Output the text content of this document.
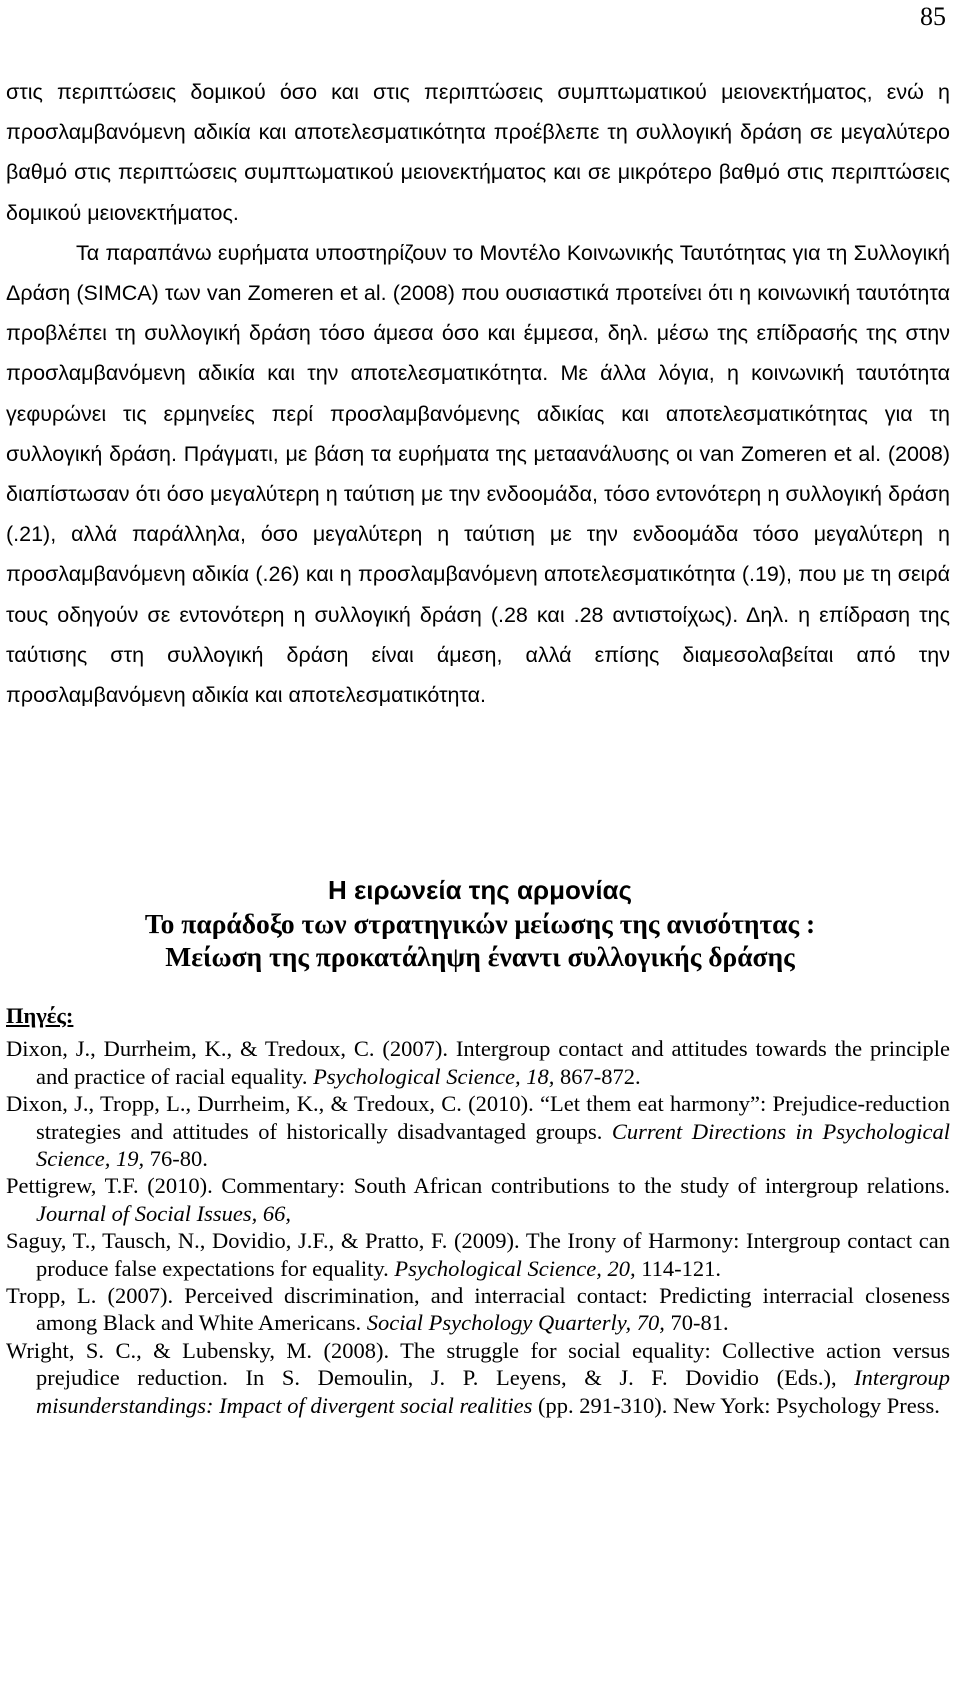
85

στις περιπτώσεις δομικού όσο και στις περιπτώσεις συμπτωματικού μειονεκτήματος, ενώ η προσλαμβανόμενη αδικία και αποτελεσματικότητα προέβλεπε τη συλλογική δράση σε μεγαλύτερο βαθμό στις περιπτώσεις συμπτωματικού μειονεκτήματος και σε μικρότερο βαθμό στις περιπτώσεις δομικού μειονεκτήματος.

Τα παραπάνω ευρήματα υποστηρίζουν το Μοντέλο Κοινωνικής Ταυτότητας για τη Συλλογική Δράση (SIMCA) των van Zomeren et al. (2008) που ουσιαστικά προτείνει ότι η κοινωνική ταυτότητα προβλέπει τη συλλογική δράση τόσο άμεσα όσο και έμμεσα, δηλ. μέσω της επίδρασής της στην προσλαμβανόμενη αδικία και την αποτελεσματικότητα. Με άλλα λόγια, η κοινωνική ταυτότητα γεφυρώνει τις ερμηνείες περί προσλαμβανόμενης αδικίας και αποτελεσματικότητας για τη συλλογική δράση. Πράγματι, με βάση τα ευρήματα της μεταανάλυσης οι van Zomeren et al. (2008) διαπίστωσαν ότι όσο μεγαλύτερη η ταύτιση με την ενδοομάδα, τόσο εντονότερη η συλλογική δράση (.21), αλλά παράλληλα, όσο μεγαλύτερη η ταύτιση με την ενδοομάδα τόσο μεγαλύτερη η προσλαμβανόμενη αδικία (.26) και η προσλαμβανόμενη αποτελεσματικότητα (.19), που με τη σειρά τους οδηγούν σε εντονότερη η συλλογική δράση (.28 και .28 αντιστοίχως). Δηλ. η επίδραση της ταύτισης στη συλλογική δράση είναι άμεση, αλλά επίσης διαμεσολαβείται από την προσλαμβανόμενη αδικία και αποτελεσματικότητα.

Η ειρωνεία της αρμονίας
Το παράδοξο των στρατηγικών μείωσης της ανισότητας :
Μείωση της προκατάληψη έναντι συλλογικής δράσης
Πηγές:

Dixon, J., Durrheim, K., & Tredoux, C. (2007). Intergroup contact and attitudes towards the principle and practice of racial equality. Psychological Science, 18, 867-872.

Dixon, J., Tropp, L., Durrheim, K., & Tredoux, C. (2010). “Let them eat harmony”: Prejudice-reduction strategies and attitudes of historically disadvantaged groups. Current Directions in Psychological Science, 19, 76-80.

Pettigrew, T.F. (2010). Commentary: South African contributions to the study of intergroup relations. Journal of Social Issues, 66,

Saguy, T., Tausch, N., Dovidio, J.F., & Pratto, F. (2009). The Irony of Harmony: Intergroup contact can produce false expectations for equality. Psychological Science, 20, 114-121.

Tropp, L. (2007). Perceived discrimination, and interracial contact: Predicting interracial closeness among Black and White Americans. Social Psychology Quarterly, 70, 70-81.

Wright, S. C., & Lubensky, M. (2008). The struggle for social equality: Collective action versus prejudice reduction. In S. Demoulin, J. P. Leyens, & J. F. Dovidio (Eds.), Intergroup misunderstandings: Impact of divergent social realities (pp. 291-310). New York: Psychology Press.
